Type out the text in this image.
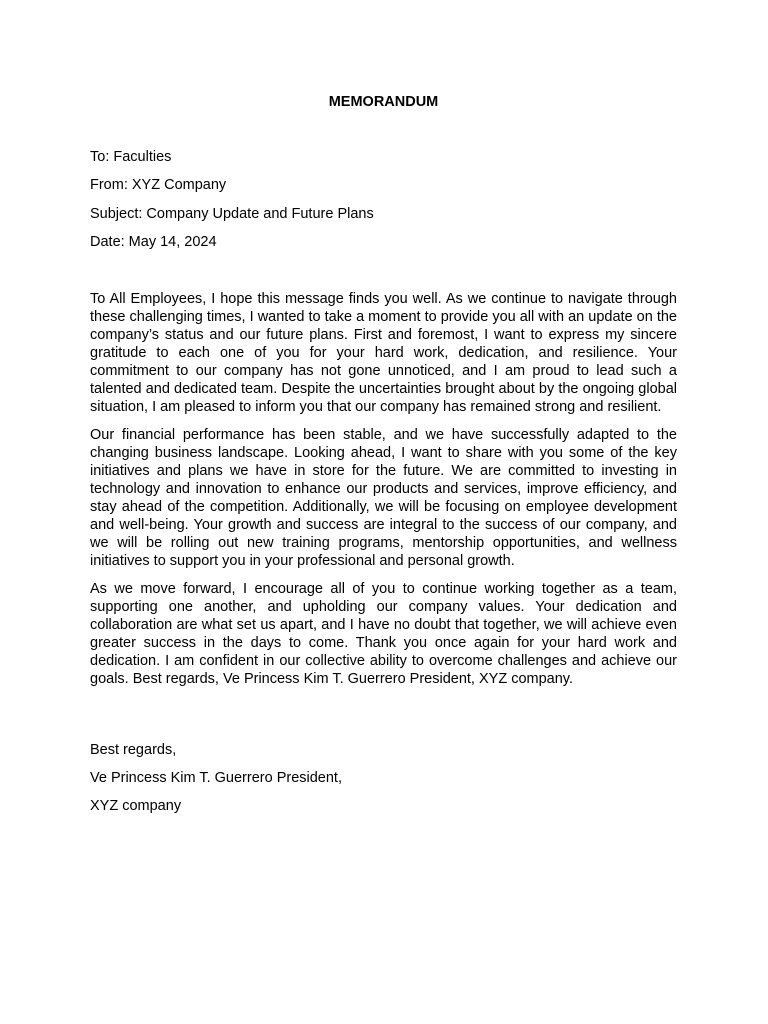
MEMORANDUM

To: Faculties

From: XYZ Company

Subject: Company Update and Future Plans

Date: May 14, 2024

To All Employees, I hope this message finds you well. As we continue to navigate through these challenging times, I wanted to take a moment to provide you all with an update on the company’s status and our future plans. First and foremost, I want to express my sincere gratitude to each one of you for your hard work, dedication, and resilience. Your commitment to our company has not gone unnoticed, and I am proud to lead such a talented and dedicated team. Despite the uncertainties brought about by the ongoing global situation, I am pleased to inform you that our company has remained strong and resilient.

Our financial performance has been stable, and we have successfully adapted to the changing business landscape. Looking ahead, I want to share with you some of the key initiatives and plans we have in store for the future. We are committed to investing in technology and innovation to enhance our products and services, improve efficiency, and stay ahead of the competition. Additionally, we will be focusing on employee development and well-being. Your growth and success are integral to the success of our company, and we will be rolling out new training programs, mentorship opportunities, and wellness initiatives to support you in your professional and personal growth.

As we move forward, I encourage all of you to continue working together as a team, supporting one another, and upholding our company values. Your dedication and collaboration are what set us apart, and I have no doubt that together, we will achieve even greater success in the days to come. Thank you once again for your hard work and dedication. I am confident in our collective ability to overcome challenges and achieve our goals. Best regards, Ve Princess Kim T. Guerrero President, XYZ company.

Best regards,

Ve Princess Kim T. Guerrero President,

XYZ company
